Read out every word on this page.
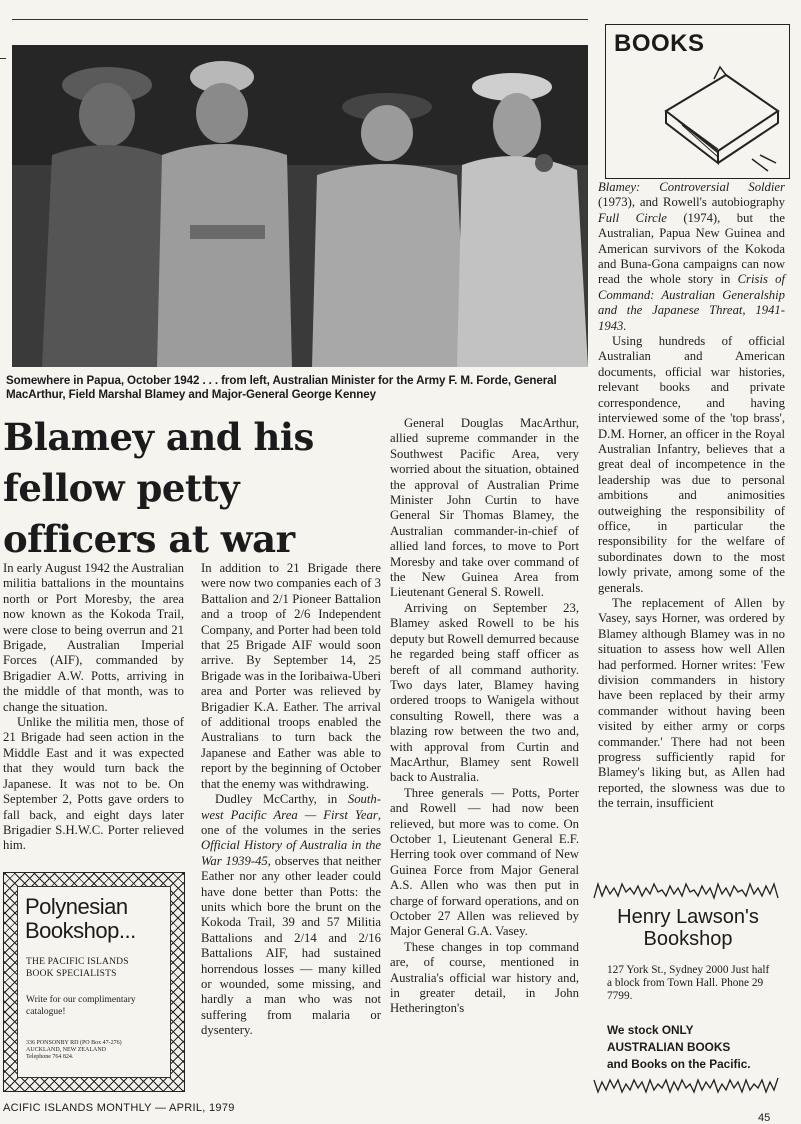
Somewhere in Papua, October 1942 . . . from left, Australian Minister for the Army F. M. Forde, General MacArthur, Field Marshal Blamey and Major-General George Kenney
Blamey and his
fellow petty
officers at war

In early August 1942 the Australian militia battalions in the mountains north or Port Moresby, the area now known as the Kokoda Trail, were close to being overrun and 21 Brigade, Australian Imperial Forces (AIF), commanded by Brigadier A.W. Potts, arriving in the middle of that month, was to change the situation.

Unlike the militia men, those of 21 Brigade had seen action in the Middle East and it was expected that they would turn back the Japanese. It was not to be. On September 2, Potts gave orders to fall back, and eight days later Brigadier S.H.W.C. Porter relieved him.

In addition to 21 Brigade there were now two companies each of 3 Battalion and 2/1 Pioneer Battalion and a troop of 2/6 Independent Company, and Porter had been told that 25 Brigade AIF would soon arrive. By September 14, 25 Brigade was in the Ioribaiwa-Uberi area and Porter was relieved by Brigadier K.A. Eather. The arrival of additional troops enabled the Australians to turn back the Japanese and Eather was able to report by the beginning of October that the enemy was withdrawing.

Dudley McCarthy, in South-west Pacific Area — First Year, one of the volumes in the series Official History of Australia in the War 1939-45, observes that neither Eather nor any other leader could have done better than Potts: the units which bore the brunt on the Kokoda Trail, 39 and 57 Militia Battalions and 2/14 and 2/16 Battalions AIF, had sustained horrendous losses — many killed or wounded, some missing, and hardly a man who was not suffering from malaria or dysentery.

General Douglas MacArthur, allied supreme commander in the Southwest Pacific Area, very worried about the situation, obtained the approval of Australian Prime Minister John Curtin to have General Sir Thomas Blamey, the Australian commander-in-chief of allied land forces, to move to Port Moresby and take over command of the New Guinea Area from Lieutenant General S. Rowell.

Arriving on September 23, Blamey asked Rowell to be his deputy but Rowell demurred because he regarded being staff officer as bereft of all command authority. Two days later, Blamey having ordered troops to Wanigela without consulting Rowell, there was a blazing row between the two and, with approval from Curtin and MacArthur, Blamey sent Rowell back to Australia.

Three generals — Potts, Porter and Rowell — had now been relieved, but more was to come. On October 1, Lieutenant General E.F. Herring took over command of New Guinea Force from Major General A.S. Allen who was then put in charge of forward operations, and on October 27 Allen was relieved by Major General G.A. Vasey.

These changes in top command are, of course, mentioned in Australia's official war history and, in greater detail, in John Hetherington's

Blamey: Controversial Soldier (1973), and Rowell's autobiography Full Circle (1974), but the Australian, Papua New Guinea and American survivors of the Kokoda and Buna-Gona campaigns can now read the whole story in Crisis of Command: Australian Generalship and the Japanese Threat, 1941-1943.

Using hundreds of official Australian and American documents, official war histories, relevant books and private correspondence, and having interviewed some of the 'top brass', D.M. Horner, an officer in the Royal Australian Infantry, believes that a great deal of incompetence in the leadership was due to personal ambitions and animosities outweighing the responsibility of office, in particular the responsibility for the welfare of subordinates down to the most lowly private, among some of the generals.

The replacement of Allen by Vasey, says Horner, was ordered by Blamey although Blamey was in no situation to assess how well Allen had performed. Horner writes: 'Few division commanders in history have been replaced by their army commander without having been visited by either army or corps commander.' There had not been progress sufficiently rapid for Blamey's liking but, as Allen had reported, the slowness was due to the terrain, insufficient

BOOKS
Polynesian
Bookshop...
THE PACIFIC ISLANDS
BOOK SPECIALISTS
Write for our complimentary catalogue!
336 PONSONBY RD (PO Box 47-276)
AUCKLAND, NEW ZEALAND
Telephone 764 824.
Henry Lawson's
Bookshop
127 York St., Sydney 2000 Just half a block from Town Hall. Phone 29 7799.
We stock ONLY
AUSTRALIAN BOOKS
and Books on the Pacific.
ACIFIC ISLANDS MONTHLY — APRIL, 1979
45
